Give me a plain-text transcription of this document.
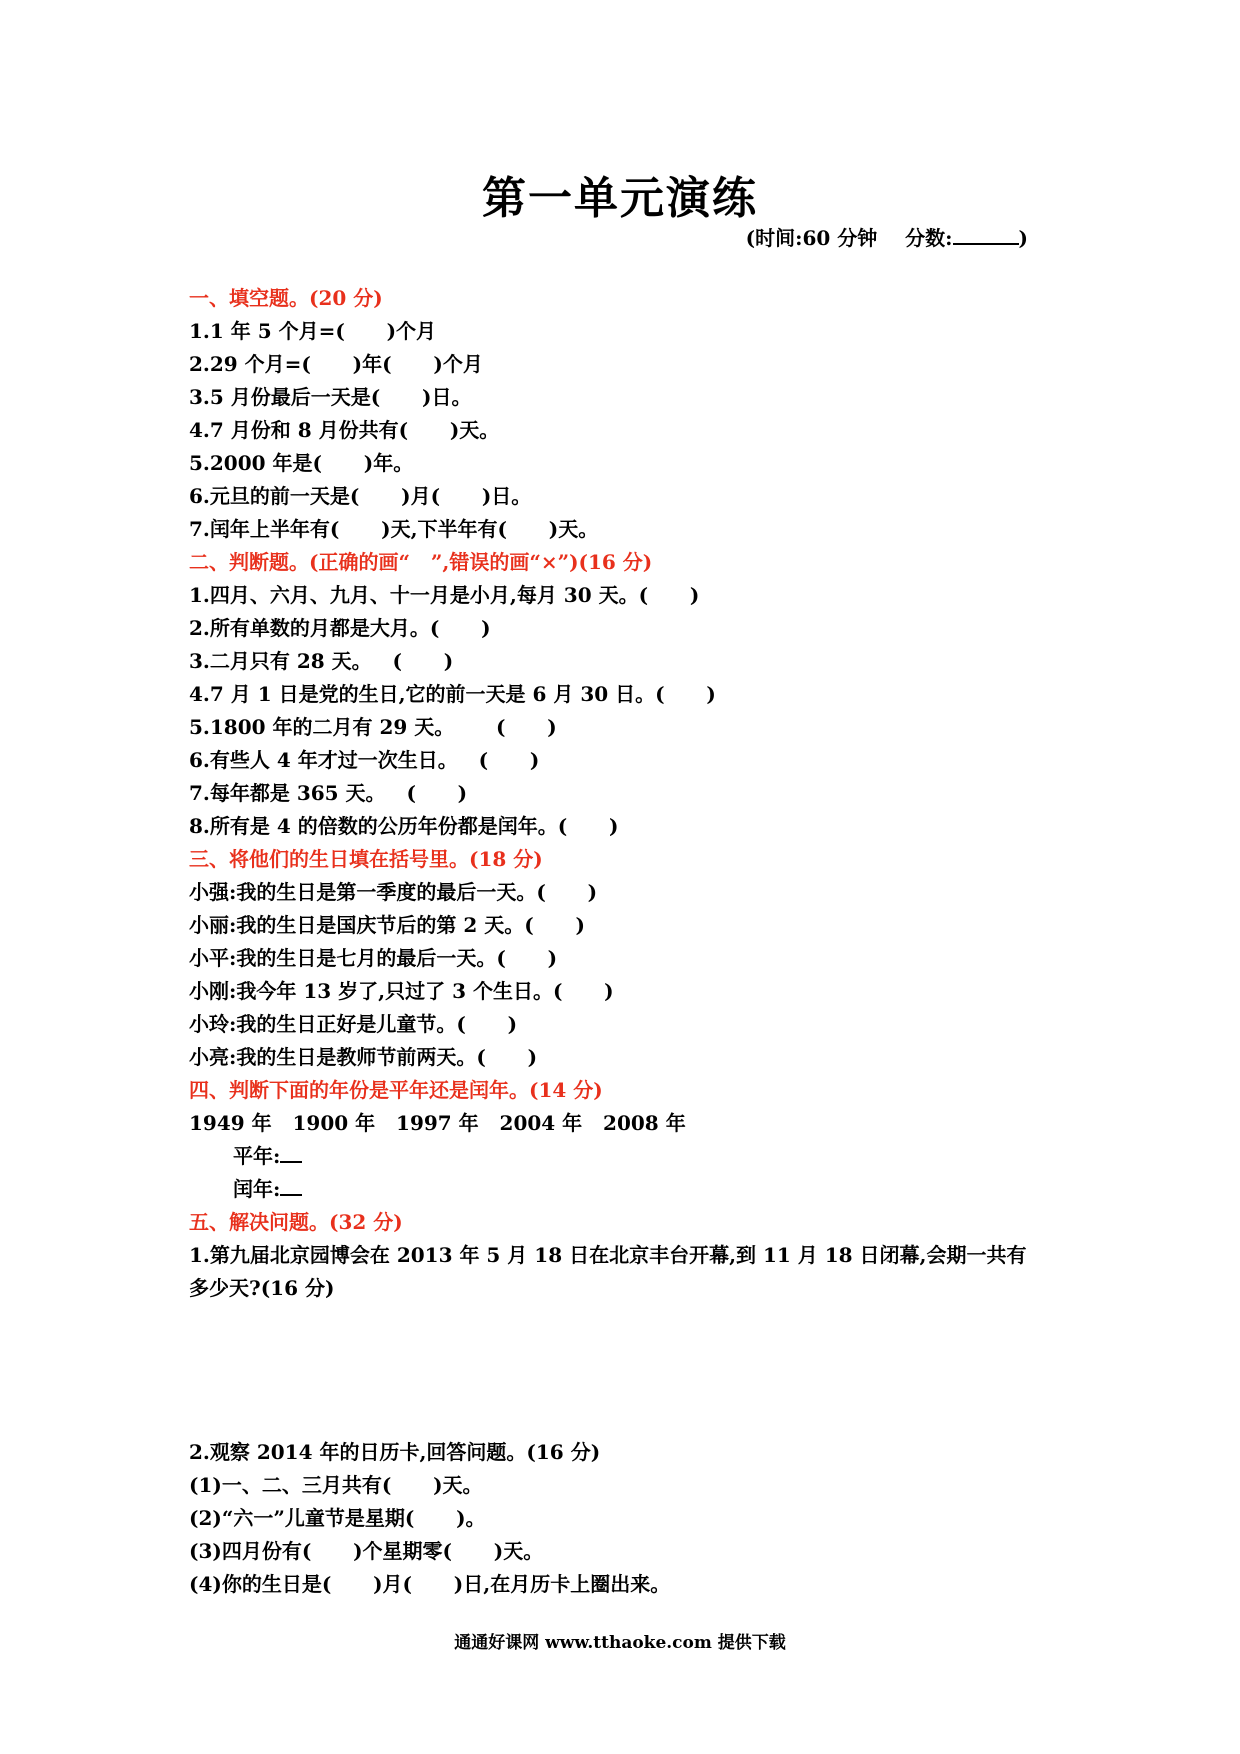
第一单元演练
(时间:60 分钟 分数:	)
一、填空题。(20 分)
1.1 年 5 个月=(      )个月
2.29 个月=(      )年(      )个月
3.5 月份最后一天是(      )日。
4.7 月份和 8 月份共有(      )天。
5.2000 年是(      )年。
6.元旦的前一天是(      )月(      )日。
7.闰年上半年有(      )天,下半年有(      )天。
二、判断题。(正确的画“   ”,错误的画“×”)(16 分)
1.四月、六月、九月、十一月是小月,每月 30 天。(      )
2.所有单数的月都是大月。(      )
3.二月只有 28 天。   (      )
4.7 月 1 日是党的生日,它的前一天是 6 月 30 日。(      )
5.1800 年的二月有 29 天。      (      )
6.有些人 4 年才过一次生日。   (      )
7.每年都是 365 天。   (      )
8.所有是 4 的倍数的公历年份都是闰年。(      )
三、将他们的生日填在括号里。(18 分)
小强:我的生日是第一季度的最后一天。(      )
小丽:我的生日是国庆节后的第 2 天。(      )
小平:我的生日是七月的最后一天。(      )
小刚:我今年 13 岁了,只过了 3 个生日。(      )
小玲:我的生日正好是儿童节。(      )
小亮:我的生日是教师节前两天。(      )
四、判断下面的年份是平年还是闰年。(14 分)
1949 年   1900 年   1997 年   2004 年   2008 年
平年:
闰年:
五、解决问题。(32 分)
1.第九届北京园博会在 2013 年 5 月 18 日在北京丰台开幕,到 11 月 18 日闭幕,会期一共有
多少天?(16 分)
2.观察 2014 年的日历卡,回答问题。(16 分)
(1)一、二、三月共有(      )天。
(2)“六一”儿童节是星期(      )。
(3)四月份有(      )个星期零(      )天。
(4)你的生日是(      )月(      )日,在月历卡上圈出来。
通通好课网 www.tthaoke.com 提供下载
